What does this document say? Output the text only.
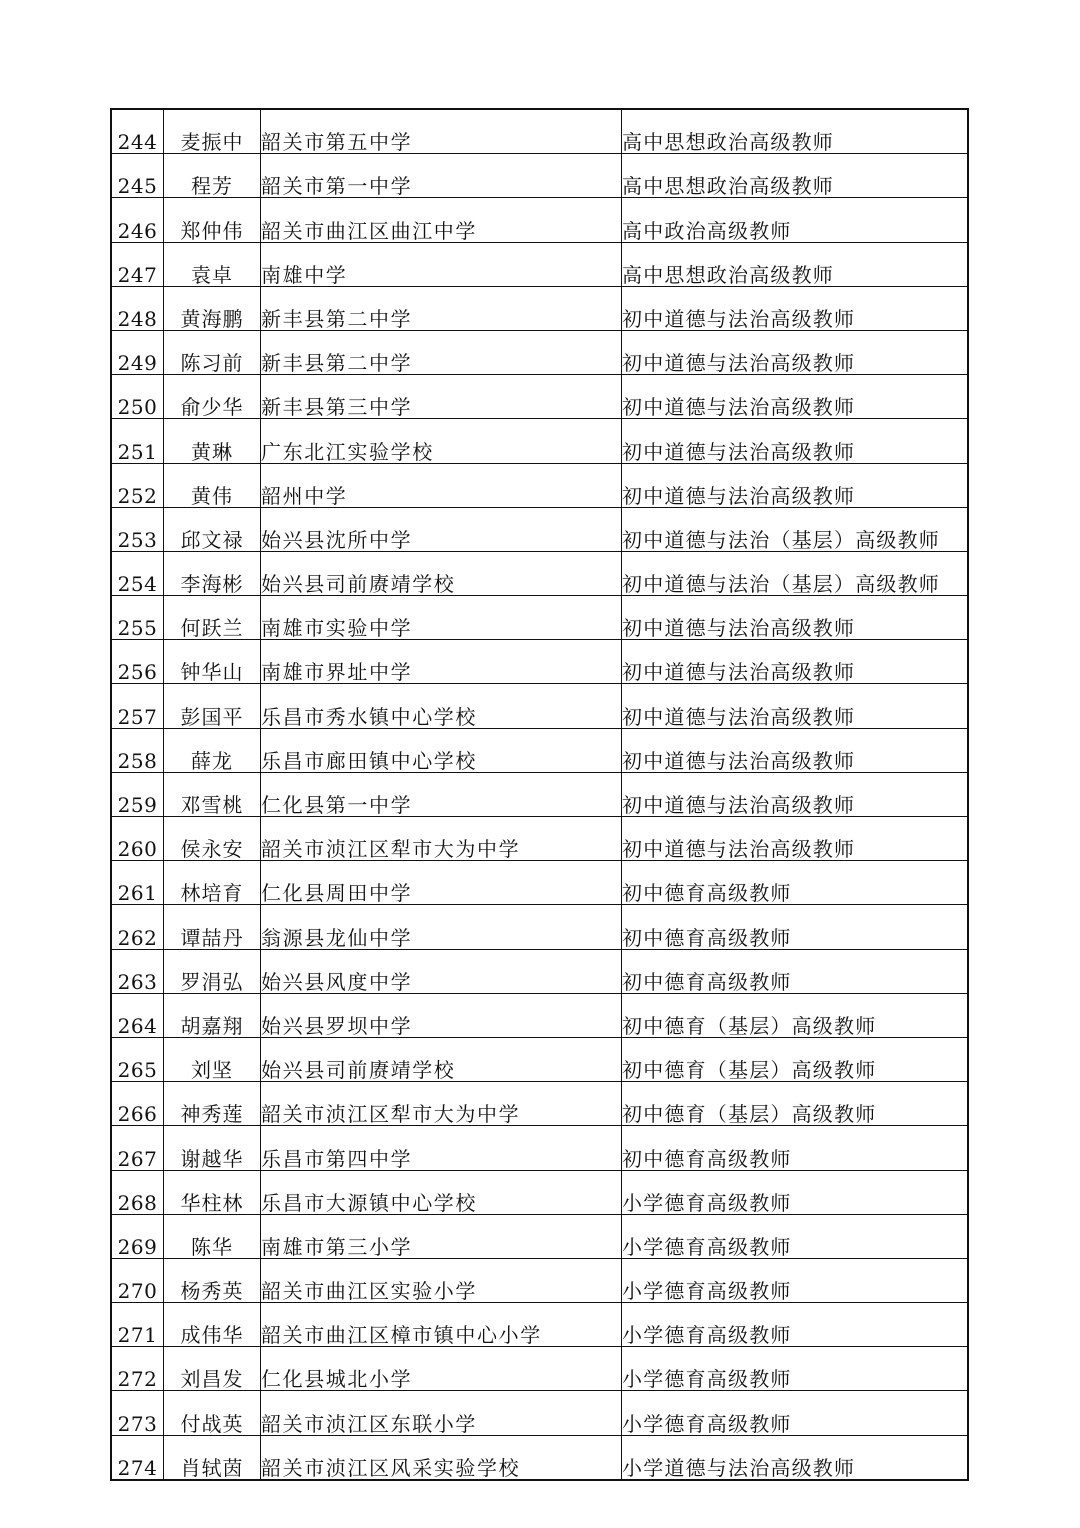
244	麦振中	韶关市第五中学	高中思想政治高级教师
245	程芳	韶关市第一中学	高中思想政治高级教师
246	郑仲伟	韶关市曲江区曲江中学	高中政治高级教师
247	袁卓	南雄中学	高中思想政治高级教师
248	黄海鹏	新丰县第二中学	初中道德与法治高级教师
249	陈习前	新丰县第二中学	初中道德与法治高级教师
250	俞少华	新丰县第三中学	初中道德与法治高级教师
251	黄琳	广东北江实验学校	初中道德与法治高级教师
252	黄伟	韶州中学	初中道德与法治高级教师
253	邱文禄	始兴县沈所中学	初中道德与法治（基层）高级教师
254	李海彬	始兴县司前赓靖学校	初中道德与法治（基层）高级教师
255	何跃兰	南雄市实验中学	初中道德与法治高级教师
256	钟华山	南雄市界址中学	初中道德与法治高级教师
257	彭国平	乐昌市秀水镇中心学校	初中道德与法治高级教师
258	薛龙	乐昌市廊田镇中心学校	初中道德与法治高级教师
259	邓雪桃	仁化县第一中学	初中道德与法治高级教师
260	侯永安	韶关市浈江区犁市大为中学	初中道德与法治高级教师
261	林培育	仁化县周田中学	初中德育高级教师
262	谭喆丹	翁源县龙仙中学	初中德育高级教师
263	罗涓弘	始兴县风度中学	初中德育高级教师
264	胡嘉翔	始兴县罗坝中学	初中德育（基层）高级教师
265	刘坚	始兴县司前赓靖学校	初中德育（基层）高级教师
266	神秀莲	韶关市浈江区犁市大为中学	初中德育（基层）高级教师
267	谢越华	乐昌市第四中学	初中德育高级教师
268	华柱林	乐昌市大源镇中心学校	小学德育高级教师
269	陈华	南雄市第三小学	小学德育高级教师
270	杨秀英	韶关市曲江区实验小学	小学德育高级教师
271	成伟华	韶关市曲江区樟市镇中心小学	小学德育高级教师
272	刘昌发	仁化县城北小学	小学德育高级教师
273	付战英	韶关市浈江区东联小学	小学德育高级教师
274	肖轼茵	韶关市浈江区风采实验学校	小学道德与法治高级教师
